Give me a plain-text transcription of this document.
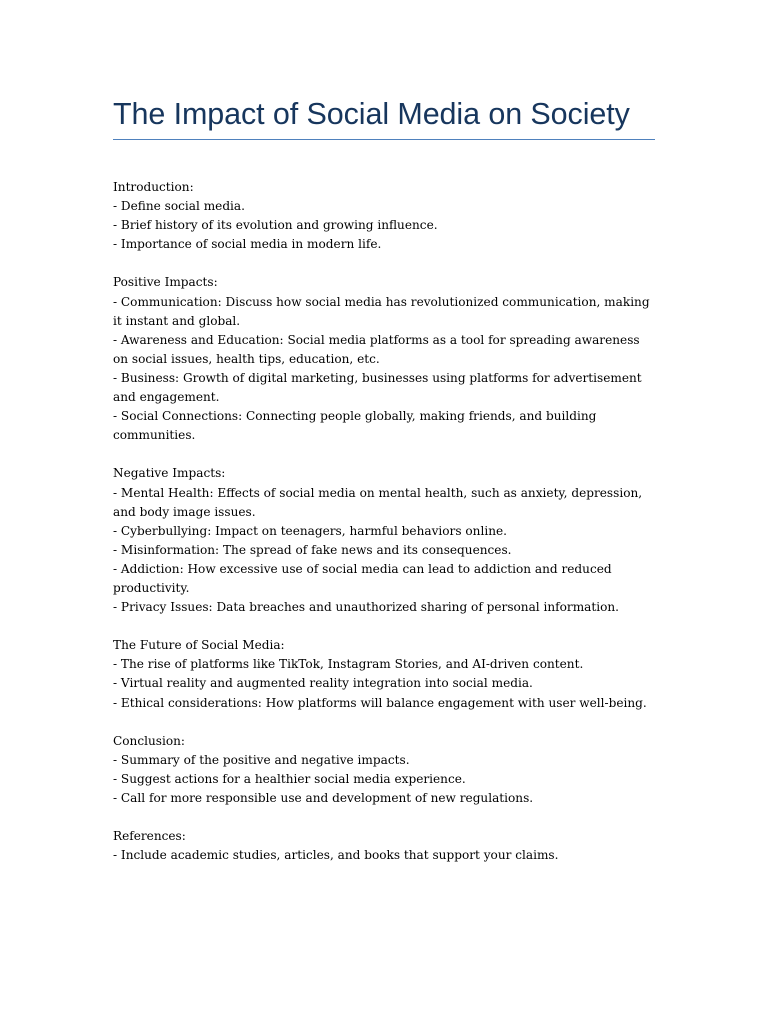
The Impact of Social Media on Society
Introduction:
- Define social media.
- Brief history of its evolution and growing influence.
- Importance of social media in modern life.
Positive Impacts:
- Communication: Discuss how social media has revolutionized communication, making it instant and global.
- Awareness and Education: Social media platforms as a tool for spreading awareness on social issues, health tips, education, etc.
- Business: Growth of digital marketing, businesses using platforms for advertisement and engagement.
- Social Connections: Connecting people globally, making friends, and building communities.
Negative Impacts:
- Mental Health: Effects of social media on mental health, such as anxiety, depression, and body image issues.
- Cyberbullying: Impact on teenagers, harmful behaviors online.
- Misinformation: The spread of fake news and its consequences.
- Addiction: How excessive use of social media can lead to addiction and reduced productivity.
- Privacy Issues: Data breaches and unauthorized sharing of personal information.
The Future of Social Media:
- The rise of platforms like TikTok, Instagram Stories, and AI-driven content.
- Virtual reality and augmented reality integration into social media.
- Ethical considerations: How platforms will balance engagement with user well-being.
Conclusion:
- Summary of the positive and negative impacts.
- Suggest actions for a healthier social media experience.
- Call for more responsible use and development of new regulations.
References:
- Include academic studies, articles, and books that support your claims.
